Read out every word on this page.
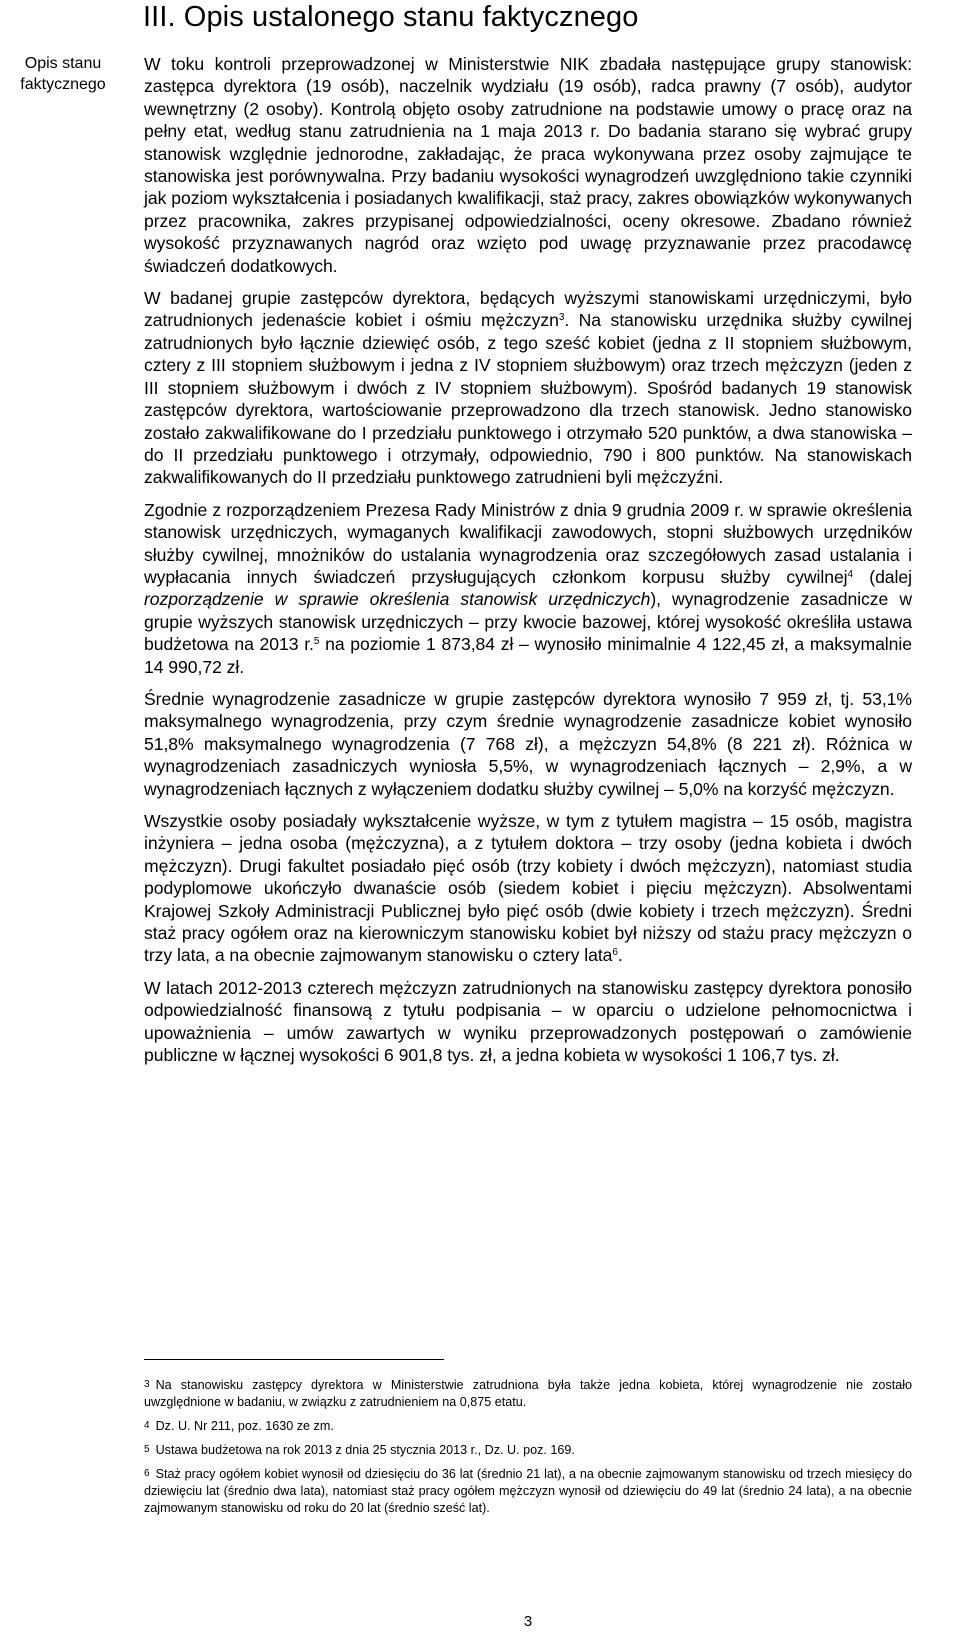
III. Opis ustalonego stanu faktycznego
Opis stanu faktycznego

W toku kontroli przeprowadzonej w Ministerstwie NIK zbadała następujące grupy stanowisk: zastępca dyrektora (19 osób), naczelnik wydziału (19 osób), radca prawny (7 osób), audytor wewnętrzny (2 osoby). Kontrolą objęto osoby zatrudnione na podstawie umowy o pracę oraz na pełny etat, według stanu zatrudnienia na 1 maja 2013 r. Do badania starano się wybrać grupy stanowisk względnie jednorodne, zakładając, że praca wykonywana przez osoby zajmujące te stanowiska jest porównywalna. Przy badaniu wysokości wynagrodzeń uwzględniono takie czynniki jak poziom wykształcenia i posiadanych kwalifikacji, staż pracy, zakres obowiązków wykonywanych przez pracownika, zakres przypisanej odpowiedzialności, oceny okresowe. Zbadano również wysokość przyznawanych nagród oraz wzięto pod uwagę przyznawanie przez pracodawcę świadczeń dodatkowych.

W badanej grupie zastępców dyrektora, będących wyższymi stanowiskami urzędniczymi, było zatrudnionych jedenaście kobiet i ośmiu mężczyzn$^3$. Na stanowisku urzędnika służby cywilnej zatrudnionych było łącznie dziewięć osób, z tego sześć kobiet (jedna z II stopniem służbowym, cztery z III stopniem służbowym i jedna z IV stopniem służbowym) oraz trzech mężczyzn (jeden z III stopniem służbowym i dwóch z IV stopniem służbowym). Spośród badanych 19 stanowisk zastępców dyrektora, wartościowanie przeprowadzono dla trzech stanowisk. Jedno stanowisko zostało zakwalifikowane do I przedziału punktowego i otrzymało 520 punktów, a dwa stanowiska – do II przedziału punktowego i otrzymały, odpowiednio, 790 i 800 punktów. Na stanowiskach zakwalifikowanych do II przedziału punktowego zatrudnieni byli mężczyźni.

Zgodnie z rozporządzeniem Prezesa Rady Ministrów z dnia 9 grudnia 2009 r. w sprawie określenia stanowisk urzędniczych, wymaganych kwalifikacji zawodowych, stopni służbowych urzędników służby cywilnej, mnożników do ustalania wynagrodzenia oraz szczegółowych zasad ustalania i wypłacania innych świadczeń przysługujących członkom korpusu służby cywilnej$^4$ (dalej rozporządzenie w sprawie określenia stanowisk urzędniczych), wynagrodzenie zasadnicze w grupie wyższych stanowisk urzędniczych – przy kwocie bazowej, której wysokość określiła ustawa budżetowa na 2013 r.$^5$ na poziomie 1 873,84 zł – wynosiło minimalnie 4 122,45 zł, a maksymalnie 14 990,72 zł.

Średnie wynagrodzenie zasadnicze w grupie zastępców dyrektora wynosiło 7 959 zł, tj. 53,1% maksymalnego wynagrodzenia, przy czym średnie wynagrodzenie zasadnicze kobiet wynosiło 51,8% maksymalnego wynagrodzenia (7 768 zł), a mężczyzn 54,8% (8 221 zł). Różnica w wynagrodzeniach zasadniczych wyniosła 5,5%, w wynagrodzeniach łącznych – 2,9%, a w wynagrodzeniach łącznych z wyłączeniem dodatku służby cywilnej – 5,0% na korzyść mężczyzn.

Wszystkie osoby posiadały wykształcenie wyższe, w tym z tytułem magistra – 15 osób, magistra inżyniera – jedna osoba (mężczyzna), a z tytułem doktora – trzy osoby (jedna kobieta i dwóch mężczyzn). Drugi fakultet posiadało pięć osób (trzy kobiety i dwóch mężczyzn), natomiast studia podyplomowe ukończyło dwanaście osób (siedem kobiet i pięciu mężczyzn). Absolwentami Krajowej Szkoły Administracji Publicznej było pięć osób (dwie kobiety i trzech mężczyzn). Średni staż pracy ogółem oraz na kierowniczym stanowisku kobiet był niższy od stażu pracy mężczyzn o trzy lata, a na obecnie zajmowanym stanowisku o cztery lata$^6$.

W latach 2012-2013 czterech mężczyzn zatrudnionych na stanowisku zastępcy dyrektora ponosiło odpowiedzialność finansową z tytułu podpisania – w oparciu o udzielone pełnomocnictwa i upoważnienia – umów zawartych w wyniku przeprowadzonych postępowań o zamówienie publiczne w łącznej wysokości 6 901,8 tys. zł, a jedna kobieta w wysokości 1 106,7 tys. zł.

3 Na stanowisku zastępcy dyrektora w Ministerstwie zatrudniona była także jedna kobieta, której wynagrodzenie nie zostało uwzględnione w badaniu, w związku z zatrudnieniem na 0,875 etatu.
4 Dz. U. Nr 211, poz. 1630 ze zm.
5 Ustawa budżetowa na rok 2013 z dnia 25 stycznia 2013 r., Dz. U. poz. 169.
6 Staż pracy ogółem kobiet wynosił od dziesięciu do 36 lat (średnio 21 lat), a na obecnie zajmowanym stanowisku od trzech miesięcy do dziewięciu lat (średnio dwa lata), natomiast staż pracy ogółem mężczyzn wynosił od dziewięciu do 49 lat (średnio 24 lata), a na obecnie zajmowanym stanowisku od roku do 20 lat (średnio sześć lat).
3
